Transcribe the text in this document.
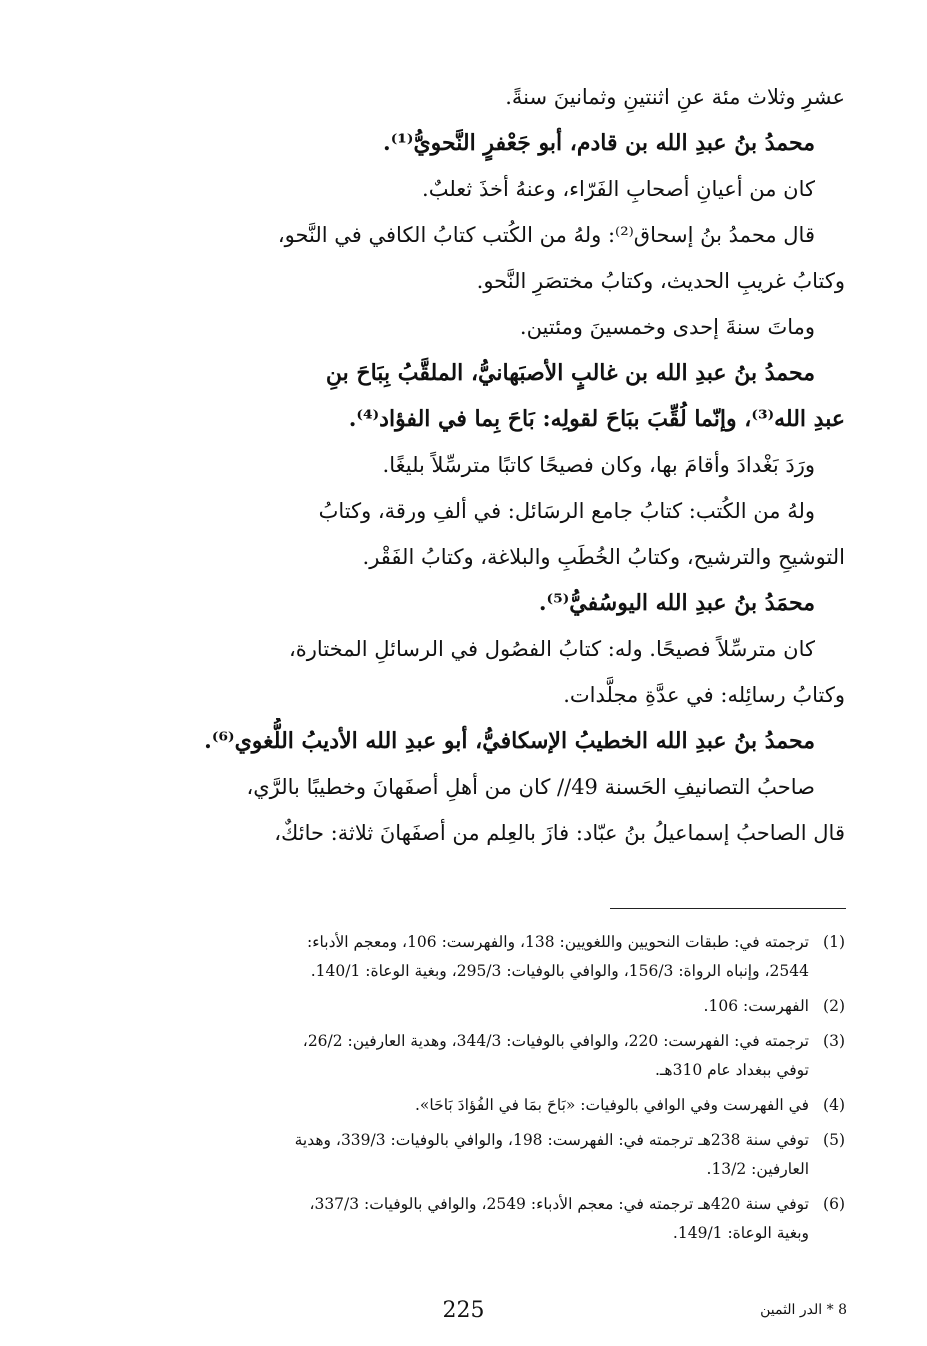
عشرِ وثلاث مئة عنِ اثنتينِ وثمانينَ سنةً.

محمدُ بنُ عبدِ الله بن قادم، أبو جَعْفرٍ النَّحويُّ⁽¹⁾.

كان من أعيانِ أصحابِ الفَرّاء، وعنهُ أخذَ ثعلبٌ.

قال محمدُ بنُ إسحاق⁽²⁾: ولهُ من الكُتب كتابُ الكافي في النَّحو،

وكتابُ غريبِ الحديث، وكتابُ مختصَرِ النَّحو.

وماتَ سنةَ إحدى وخمسينَ ومئتين.

محمدُ بنُ عبدِ الله بن غالبٍ الأصبَهانيُّ، الملقَّبُ بِبَاحَ بنِ

عبدِ الله⁽³⁾، وإنّما لُقِّبَ ببَاحَ لقولِه: بَاحَ بِما في الفؤاد⁽⁴⁾.

ورَدَ بَغْدادَ وأقامَ بها، وكان فصيحًا كاتبًا مترسِّلاً بليغًا.

ولهُ من الكُتب: كتابُ جامع الرسَائل: في ألفِ ورقة، وكتابُ

التوشيحِ والترشيح، وكتابُ الخُطَبِ والبلاغة، وكتابُ الفَقْر.

محمَدُ بنُ عبدِ الله اليوسُفيُّ⁽⁵⁾.

كان مترسِّلاً فصيحًا. وله: كتابُ الفصُول في الرسائلِ المختارة،

وكتابُ رسائِله: في عدَّةِ مجلَّدات.

محمدُ بنُ عبدِ الله الخطيبُ الإسكافيُّ، أبو عبدِ الله الأديبُ اللُّغوي⁽⁶⁾.

صاحبُ التصانيفِ الحَسنة 49// كان من أهلِ أصفَهانَ وخطيبًا بالرَّي،

قال الصاحبُ إسماعيلُ بنُ عبّاد: فازَ بالعِلم من أصفَهانَ ثلاثة: حائكٌ،

(1)
ترجمته في: طبقات النحويين واللغويين: 138، والفهرست: 106، ومعجم الأدباء:
2544، وإنباه الرواة: 156/3، والوافي بالوفيات: 295/3، وبغية الوعاة: 140/1.
(2)
الفهرست: 106.
(3)
ترجمته في: الفهرست: 220، والوافي بالوفيات: 344/3، وهدية العارفين: 26/2،
توفي ببغداد عام 310هـ.
(4)
في الفهرست وفي الوافي بالوفيات: «بَاحَ بمَا في الفُؤادَ بَاحَا».
(5)
توفي سنة 238هـ ترجمته في: الفهرست: 198، والوافي بالوفيات: 339/3، وهدية
العارفين: 13/2.
(6)
توفي سنة 420هـ ترجمته في: معجم الأدباء: 2549، والوافي بالوفيات: 337/3،
وبغية الوعاة: 149/1.
225	8 * الدر الثمين
